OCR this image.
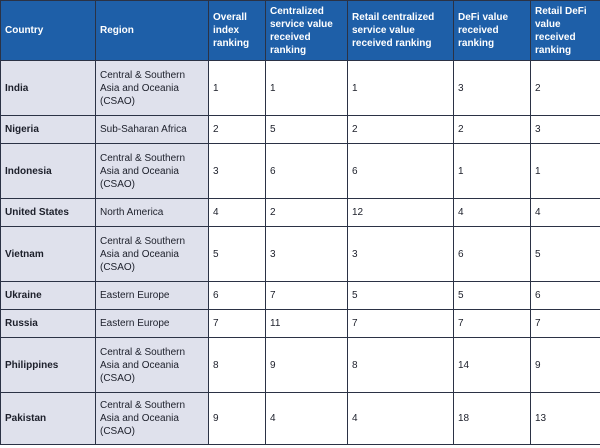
Country	Region	Overall index ranking	Centralized service value received ranking	Retail centralized service value received ranking	DeFi value received ranking	Retail DeFi value received ranking
India	Central & Southern Asia and Oceania (CSAO)	1	1	1	3	2
Nigeria	Sub-Saharan Africa	2	5	2	2	3
Indonesia	Central & Southern Asia and Oceania (CSAO)	3	6	6	1	1
United States	North America	4	2	12	4	4
Vietnam	Central & Southern Asia and Oceania (CSAO)	5	3	3	6	5
Ukraine	Eastern Europe	6	7	5	5	6
Russia	Eastern Europe	7	11	7	7	7
Philippines	Central & Southern Asia and Oceania (CSAO)	8	9	8	14	9
Pakistan	Central & Southern Asia and Oceania (CSAO)	9	4	4	18	13
